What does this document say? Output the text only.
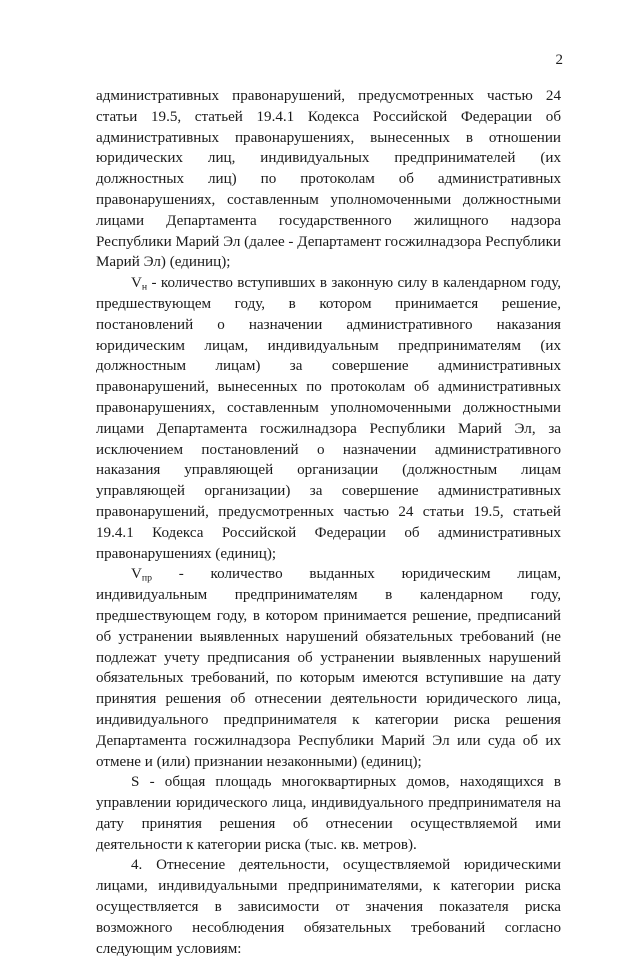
2

административных правонарушений, предусмотренных частью 24 статьи 19.5, статьей 19.4.1 Кодекса Российской Федерации об административных правонарушениях, вынесенных в отношении юридических лиц, индивидуальных предпринимателей (их должностных лиц) по протоколам об административных правонарушениях, составленным уполномоченными должностными лицами Департамента государственного жилищного надзора Республики Марий Эл (далее - Департамент госжилнадзора Республики Марий Эл) (единиц);

$V_н$ - количество вступивших в законную силу в календарном году, предшествующем году, в котором принимается решение, постановлений о назначении административного наказания юридическим лицам, индивидуальным предпринимателям (их должностным лицам) за совершение административных правонарушений, вынесенных по протоколам об административных правонарушениях, составленным уполномоченными должностными лицами Департамента госжилнадзора Республики Марий Эл, за исключением постановлений о назначении административного наказания управляющей организации (должностным лицам управляющей организации) за совершение административных правонарушений, предусмотренных частью 24 статьи 19.5, статьей 19.4.1 Кодекса Российской Федерации об административных правонарушениях (единиц);

$V_{пр}$ - количество выданных юридическим лицам, индивидуальным предпринимателям в календарном году, предшествующем году, в котором принимается решение, предписаний об устранении выявленных нарушений обязательных требований (не подлежат учету предписания об устранении выявленных нарушений обязательных требований, по которым имеются вступившие на дату принятия решения об отнесении деятельности юридического лица, индивидуального предпринимателя к категории риска решения Департамента госжилнадзора Республики Марий Эл или суда об их отмене и (или) признании незаконными) (единиц);

S - общая площадь многоквартирных домов, находящихся в управлении юридического лица, индивидуального предпринимателя на дату принятия решения об отнесении осуществляемой ими деятельности к категории риска (тыс. кв. метров).

4. Отнесение деятельности, осуществляемой юридическими лицами, индивидуальными предпринимателями, к категории риска осуществляется в зависимости от значения показателя риска возможного несоблюдения обязательных требований согласно следующим условиям:
